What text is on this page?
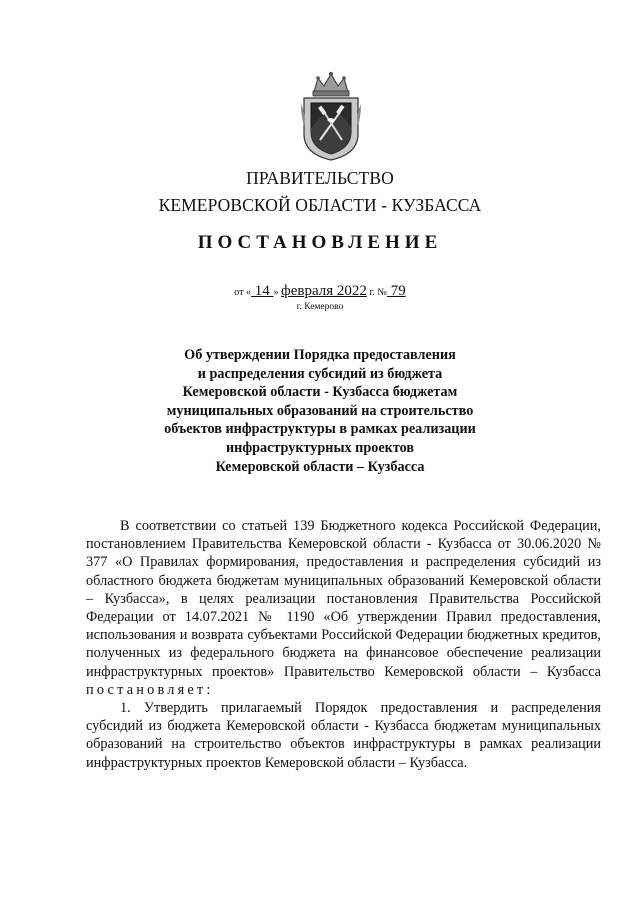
ПРАВИТЕЛЬСТВО
КЕМЕРОВСКОЙ ОБЛАСТИ - КУЗБАССА
ПОСТАНОВЛЕНИЕ
от « 14 » февраля 2022 г. № 79
г. Кемерово
Об утверждении Порядка предоставления
и распределения субсидий из бюджета
Кемеровской области - Кузбасса бюджетам
муниципальных образований на строительство
объектов инфраструктуры в рамках реализации
инфраструктурных проектов
Кемеровской области – Кузбасса

В соответствии со статьей 139 Бюджетного кодекса Российской Федерации, постановлением Правительства Кемеровской области - Кузбасса от 30.06.2020 № 377 «О Правилах формирования, предоставления и распределения субсидий из областного бюджета бюджетам муниципальных образований Кемеровской области – Кузбасса», в целях реализации постановления Правительства Российской Федерации от 14.07.2021 № 1190 «Об утверждении Правил предоставления, использования и возврата субъектами Российской Федерации бюджетных кредитов, полученных из федерального бюджета на финансовое обеспечение реализации инфраструктурных проектов» Правительство Кемеровской области – Кузбасса постановляет:

1. Утвердить прилагаемый Порядок предоставления и распределения субсидий из бюджета Кемеровской области - Кузбасса бюджетам муниципальных образований на строительство объектов инфраструктуры в рамках реализации инфраструктурных проектов Кемеровской области – Кузбасса.
